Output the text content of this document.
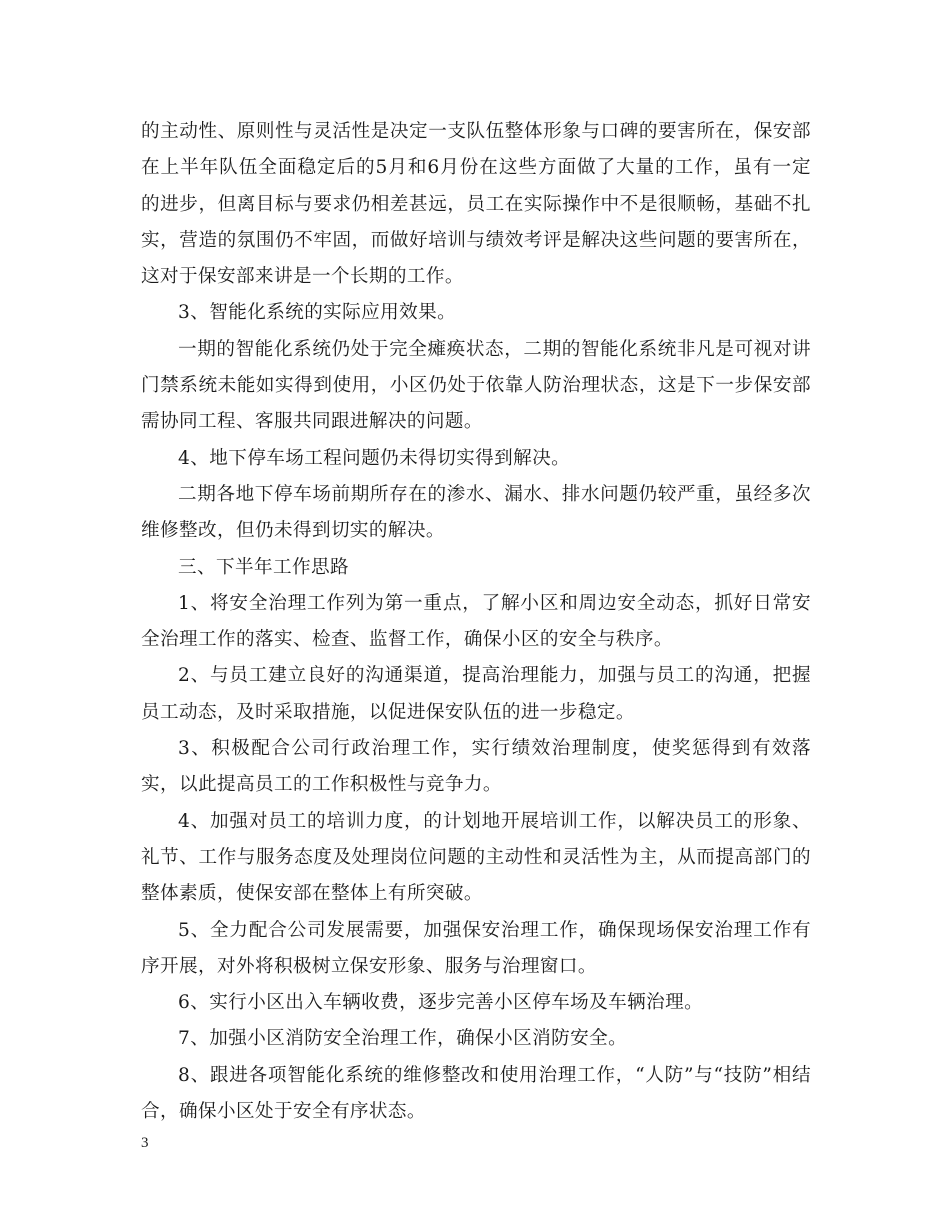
的主动性、原则性与灵活性是决定一支队伍整体形象与口碑的要害所在，保安部在上半年队伍全面稳定后的5月和6月份在这些方面做了大量的工作，虽有一定的进步，但离目标与要求仍相差甚远，员工在实际操作中不是很顺畅，基础不扎实，营造的氛围仍不牢固，而做好培训与绩效考评是解决这些问题的要害所在，这对于保安部来讲是一个长期的工作。

3、智能化系统的实际应用效果。

一期的智能化系统仍处于完全瘫痪状态，二期的智能化系统非凡是可视对讲门禁系统未能如实得到使用，小区仍处于依靠人防治理状态，这是下一步保安部需协同工程、客服共同跟进解决的问题。

4、地下停车场工程问题仍未得切实得到解决。

二期各地下停车场前期所存在的渗水、漏水、排水问题仍较严重，虽经多次维修整改，但仍未得到切实的解决。

三、下半年工作思路

1、将安全治理工作列为第一重点，了解小区和周边安全动态，抓好日常安全治理工作的落实、检查、监督工作，确保小区的安全与秩序。

2、与员工建立良好的沟通渠道，提高治理能力，加强与员工的沟通，把握员工动态，及时采取措施，以促进保安队伍的进一步稳定。

3、积极配合公司行政治理工作，实行绩效治理制度，使奖惩得到有效落实，以此提高员工的工作积极性与竞争力。

4、加强对员工的培训力度，的计划地开展培训工作，以解决员工的形象、礼节、工作与服务态度及处理岗位问题的主动性和灵活性为主，从而提高部门的整体素质，使保安部在整体上有所突破。

5、全力配合公司发展需要，加强保安治理工作，确保现场保安治理工作有序开展，对外将积极树立保安形象、服务与治理窗口。

6、实行小区出入车辆收费，逐步完善小区停车场及车辆治理。

7、加强小区消防安全治理工作，确保小区消防安全。

8、跟进各项智能化系统的维修整改和使用治理工作，“人防”与“技防”相结合，确保小区处于安全有序状态。

3
